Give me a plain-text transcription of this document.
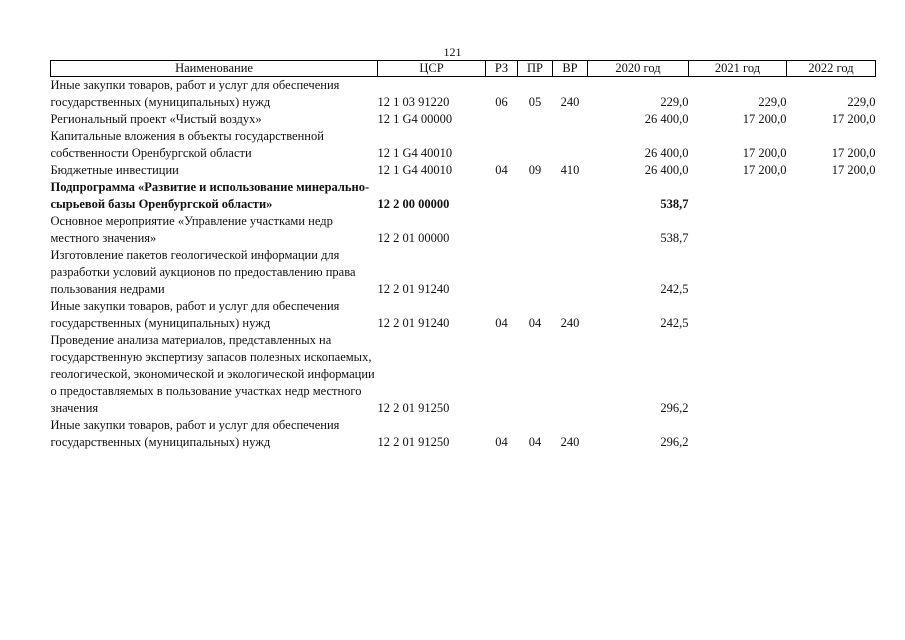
121
Наименование	ЦСР	РЗ	ПР	ВР	2020 год	2021 год	2022 год
Иные закупки товаров, работ и услуг для обеспечения государственных (муниципальных) нужд	12 1 03 91220	06	05	240	229,0	229,0	229,0
Региональный проект «Чистый воздух»	12 1 G4 00000				26 400,0	17 200,0	17 200,0
Капитальные вложения в объекты государственной собственности Оренбургской области	12 1 G4 40010				26 400,0	17 200,0	17 200,0
Бюджетные инвестиции	12 1 G4 40010	04	09	410	26 400,0	17 200,0	17 200,0
Подпрограмма «Развитие и использование минерально-сырьевой базы Оренбургской области»	12 2 00 00000				538,7		
Основное мероприятие «Управление участками недр местного значения»	12 2 01 00000				538,7		
Изготовление пакетов геологической информации для разработки условий аукционов по предоставлению права пользования недрами	12 2 01 91240				242,5		
Иные закупки товаров, работ и услуг для обеспечения государственных (муниципальных) нужд	12 2 01 91240	04	04	240	242,5		
Проведение анализа материалов, представленных на государственную экспертизу запасов полезных ископаемых, геологической, экономической и экологической информации о предоставляемых в пользование участках недр местного значения	12 2 01 91250				296,2		
Иные закупки товаров, работ и услуг для обеспечения государственных (муниципальных) нужд	12 2 01 91250	04	04	240	296,2		
